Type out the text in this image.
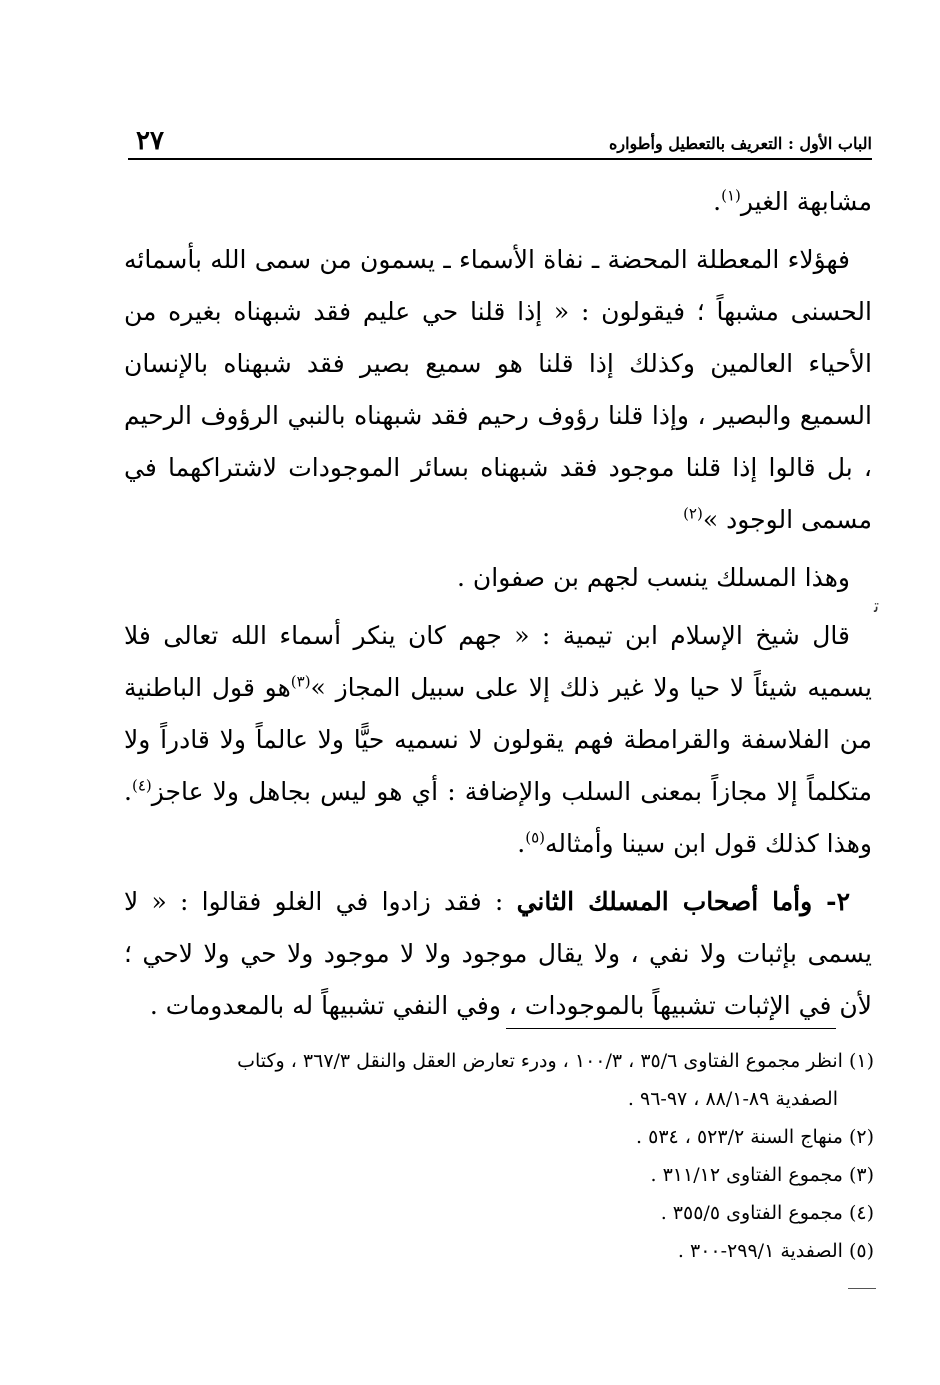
الباب الأول : التعريف بالتعطيل وأطواره
٢٧

مشابهة الغير$^{(١)}$.

فهؤلاء المعطلة المحضة ـ نفاة الأسماء ـ يسمون من سمى الله بأسمائه الحسنى مشبهاً ؛ فيقولون : « إذا قلنا حي عليم فقد شبهناه بغيره من الأحياء العالمين وكذلك إذا قلنا هو سميع بصير فقد شبهناه بالإنسان السميع والبصير ، وإذا قلنا رؤوف رحيم فقد شبهناه بالنبي الرؤوف الرحيم ، بل قالوا إذا قلنا موجود فقد شبهناه بسائر الموجودات لاشتراكهما في مسمى الوجود »$^{(٢)}$

وهذا المسلك ينسب لجهم بن صفوان .

قال شيخ الإسلام ابن تيمية : « جهم كان ينكر أسماء الله تعالى فلا يسميه شيئاً لا حيا ولا غير ذلك إلا على سبيل المجاز »$^{(٣)}$هو قول الباطنية من الفلاسفة والقرامطة فهم يقولون لا نسميه حيًّا ولا عالماً ولا قادراً ولا متكلماً إلا مجازاً بمعنى السلب والإضافة : أي هو ليس بجاهل ولا عاجز$^{(٤)}$. وهذا كذلك قول ابن سينا وأمثاله$^{(٥)}$.

٢- وأما أصحاب المسلك الثاني : فقد زادوا في الغلو فقالوا : « لا يسمى بإثبات ولا نفي ، ولا يقال موجود ولا لا موجود ولا حي ولا لاحي ؛ لأن في الإثبات تشبيهاً بالموجودات ، وفي النفي تشبيهاً له بالمعدومات .

ﺗ

(١)انظر مجموع الفتاوى ٣٥/٦ ، ١٠٠/٣ ، ودرء تعارض العقل والنقل ٣٦٧/٣ ، وكتاب
الصفدية ٨٩-٨٨/١ ، ٩٧-٩٦ .

(٢)منهاج السنة ٥٢٣/٢ ، ٥٣٤ .

(٣)مجموع الفتاوى ٣١١/١٢ .

(٤)مجموع الفتاوى ٣٥٥/٥ .

(٥)الصفدية ٢٩٩/١-٣٠٠ .
